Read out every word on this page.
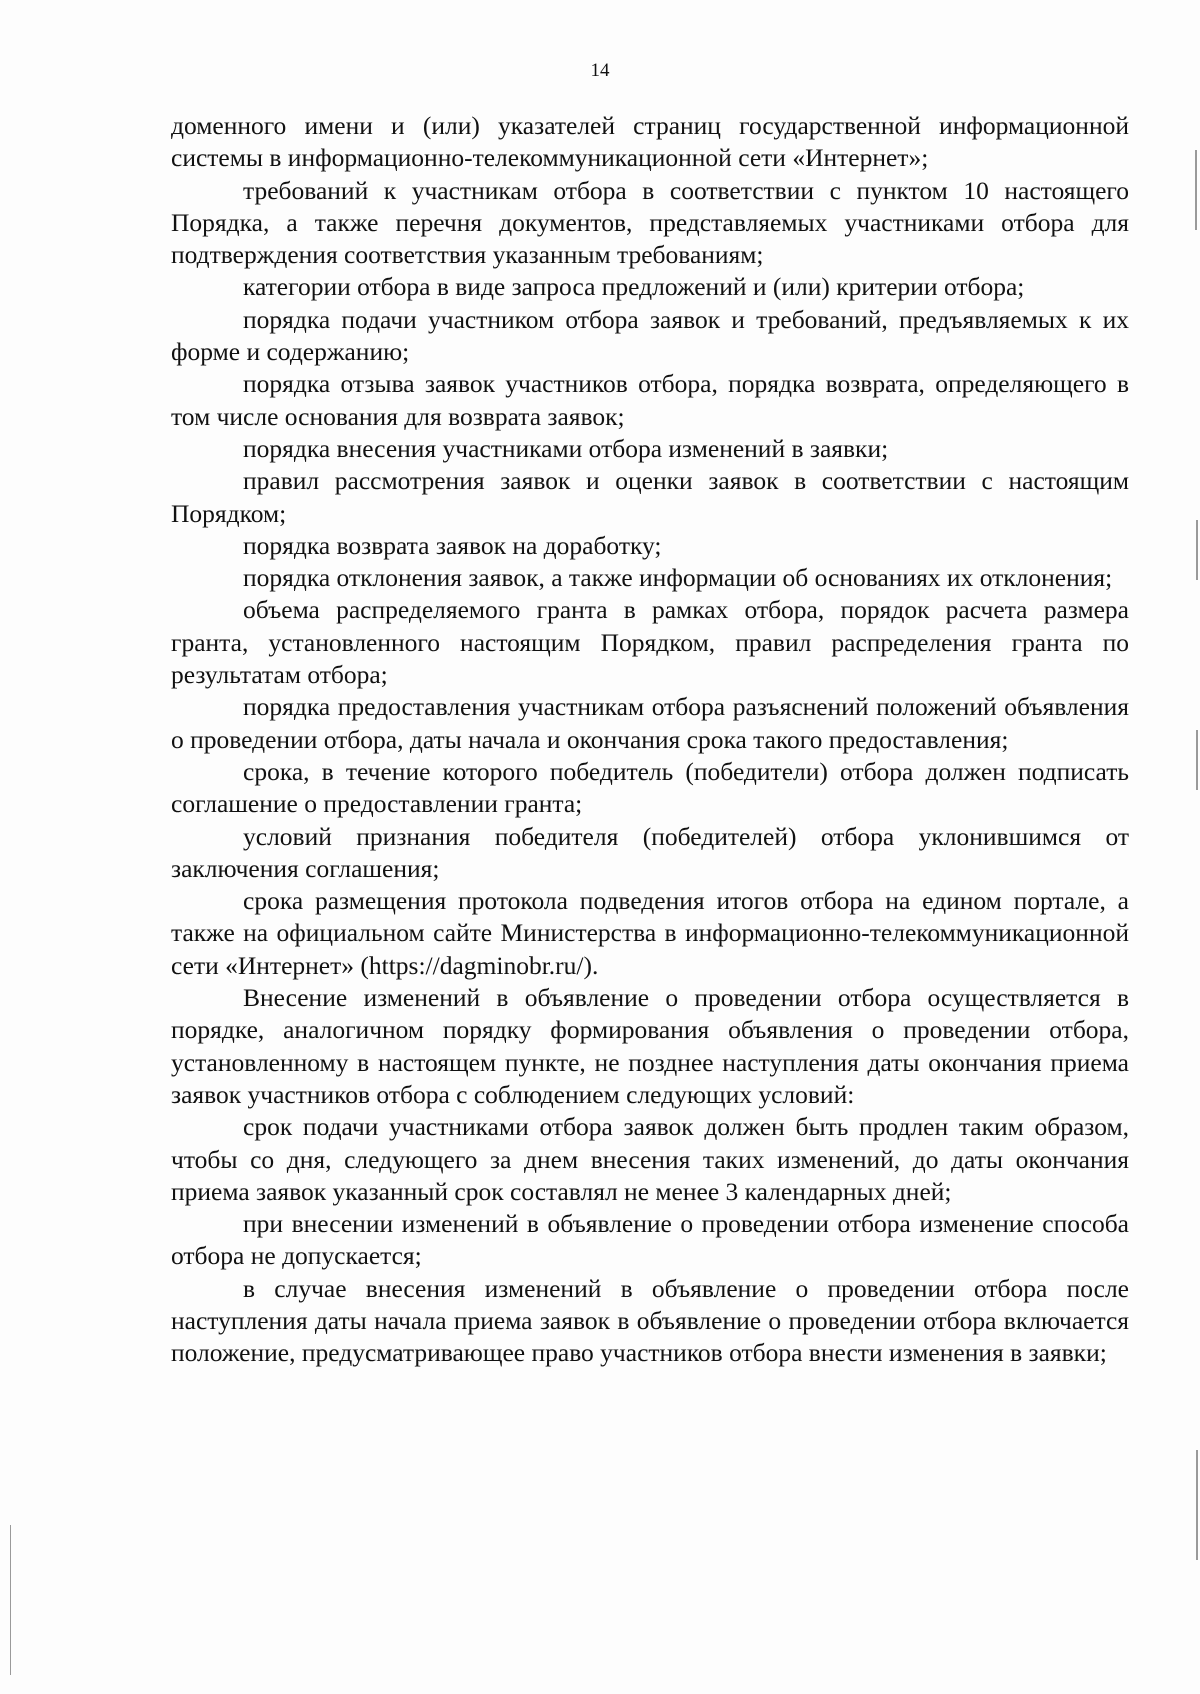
14

доменного имени и (или) указателей страниц государственной информационной системы в информационно-телекоммуникационной сети «Интернет»;

требований к участникам отбора в соответствии с пунктом 10 настоящего Порядка, а также перечня документов, представляемых участниками отбора для подтверждения соответствия указанным требованиям;

категории отбора в виде запроса предложений и (или) критерии отбора;

порядка подачи участником отбора заявок и требований, предъявляемых к их форме и содержанию;

порядка отзыва заявок участников отбора, порядка возврата, определяющего в том числе основания для возврата заявок;

порядка внесения участниками отбора изменений в заявки;

правил рассмотрения заявок и оценки заявок в соответствии с настоящим Порядком;

порядка возврата заявок на доработку;

порядка отклонения заявок, а также информации об основаниях их отклонения;

объема распределяемого гранта в рамках отбора, порядок расчета размера гранта, установленного настоящим Порядком, правил распределения гранта по результатам отбора;

порядка предоставления участникам отбора разъяснений положений объявления о проведении отбора, даты начала и окончания срока такого предоставления;

срока, в течение которого победитель (победители) отбора должен подписать соглашение о предоставлении гранта;

условий признания победителя (победителей) отбора уклонившимся от заключения соглашения;

срока размещения протокола подведения итогов отбора на едином портале, а также на официальном сайте Министерства в информационно-телекоммуникационной сети «Интернет» (https://dagminobr.ru/).

Внесение изменений в объявление о проведении отбора осуществляется в порядке, аналогичном порядку формирования объявления о проведении отбора, установленному в настоящем пункте, не позднее наступления даты окончания приема заявок участников отбора с соблюдением следующих условий:

срок подачи участниками отбора заявок должен быть продлен таким образом, чтобы со дня, следующего за днем внесения таких изменений, до даты окончания приема заявок указанный срок составлял не менее 3 календарных дней;

при внесении изменений в объявление о проведении отбора изменение способа отбора не допускается;

в случае внесения изменений в объявление о проведении отбора после наступления даты начала приема заявок в объявление о проведении отбора включается положение, предусматривающее право участников отбора внести изменения в заявки;
